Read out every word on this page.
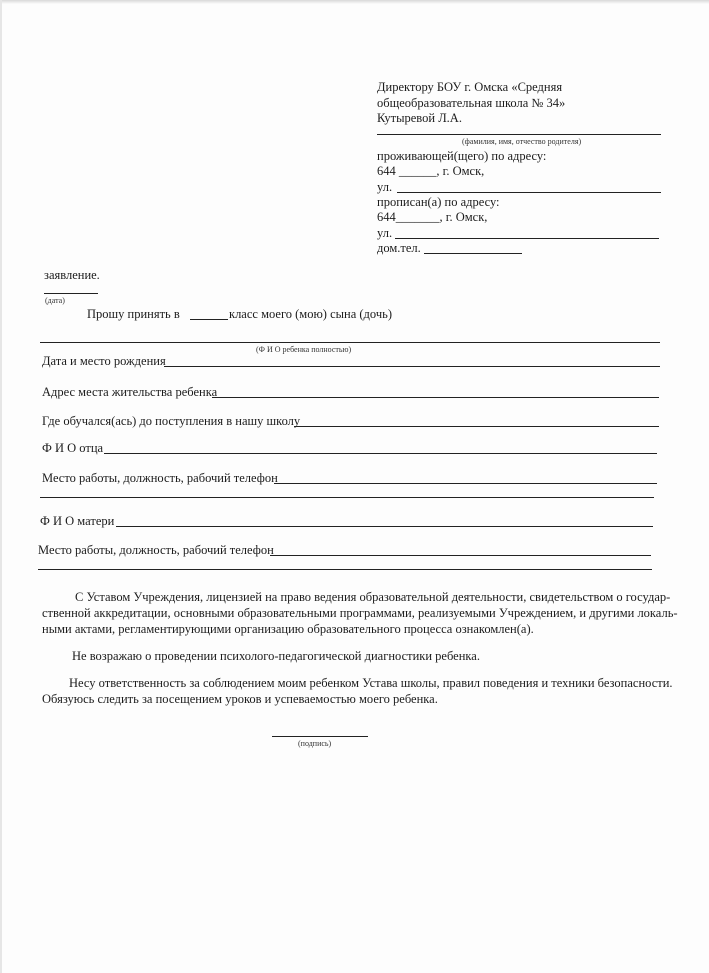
Директору БОУ г. Омска «Средняя
общеобразовательная школа № 34»
Кутыревой Л.А.
(фамилия, имя, отчество родителя)
проживающей(щего) по адресу:
644 ______, г. Омск,
ул.
прописан(а) по адресу:
644_______, г. Омск,
ул.
дом.тел.
заявление.
(дата)
Прошу принять в	класс моего (мою) сына (дочь)
(Ф И О ребенка полностью)
Дата и место рождения
Адрес места жительства ребенка
Где обучался(ась) до поступления в нашу школу
Ф И О отца
Место работы, должность, рабочий телефон
Ф И О матери
Место работы, должность, рабочий телефон
С Уставом Учреждения, лицензией на право ведения образовательной деятельности, свидетельством о государ-
ственной аккредитации, основными образовательными программами, реализуемыми Учреждением, и другими локаль-
ными актами, регламентирующими организацию образовательного процесса ознакомлен(а).
Не возражаю о проведении психолого-педагогической диагностики ребенка.
Несу ответственность за соблюдением моим ребенком Устава школы, правил поведения и техники безопасности.
Обязуюсь следить за посещением уроков и успеваемостью моего ребенка.
(подпись)
